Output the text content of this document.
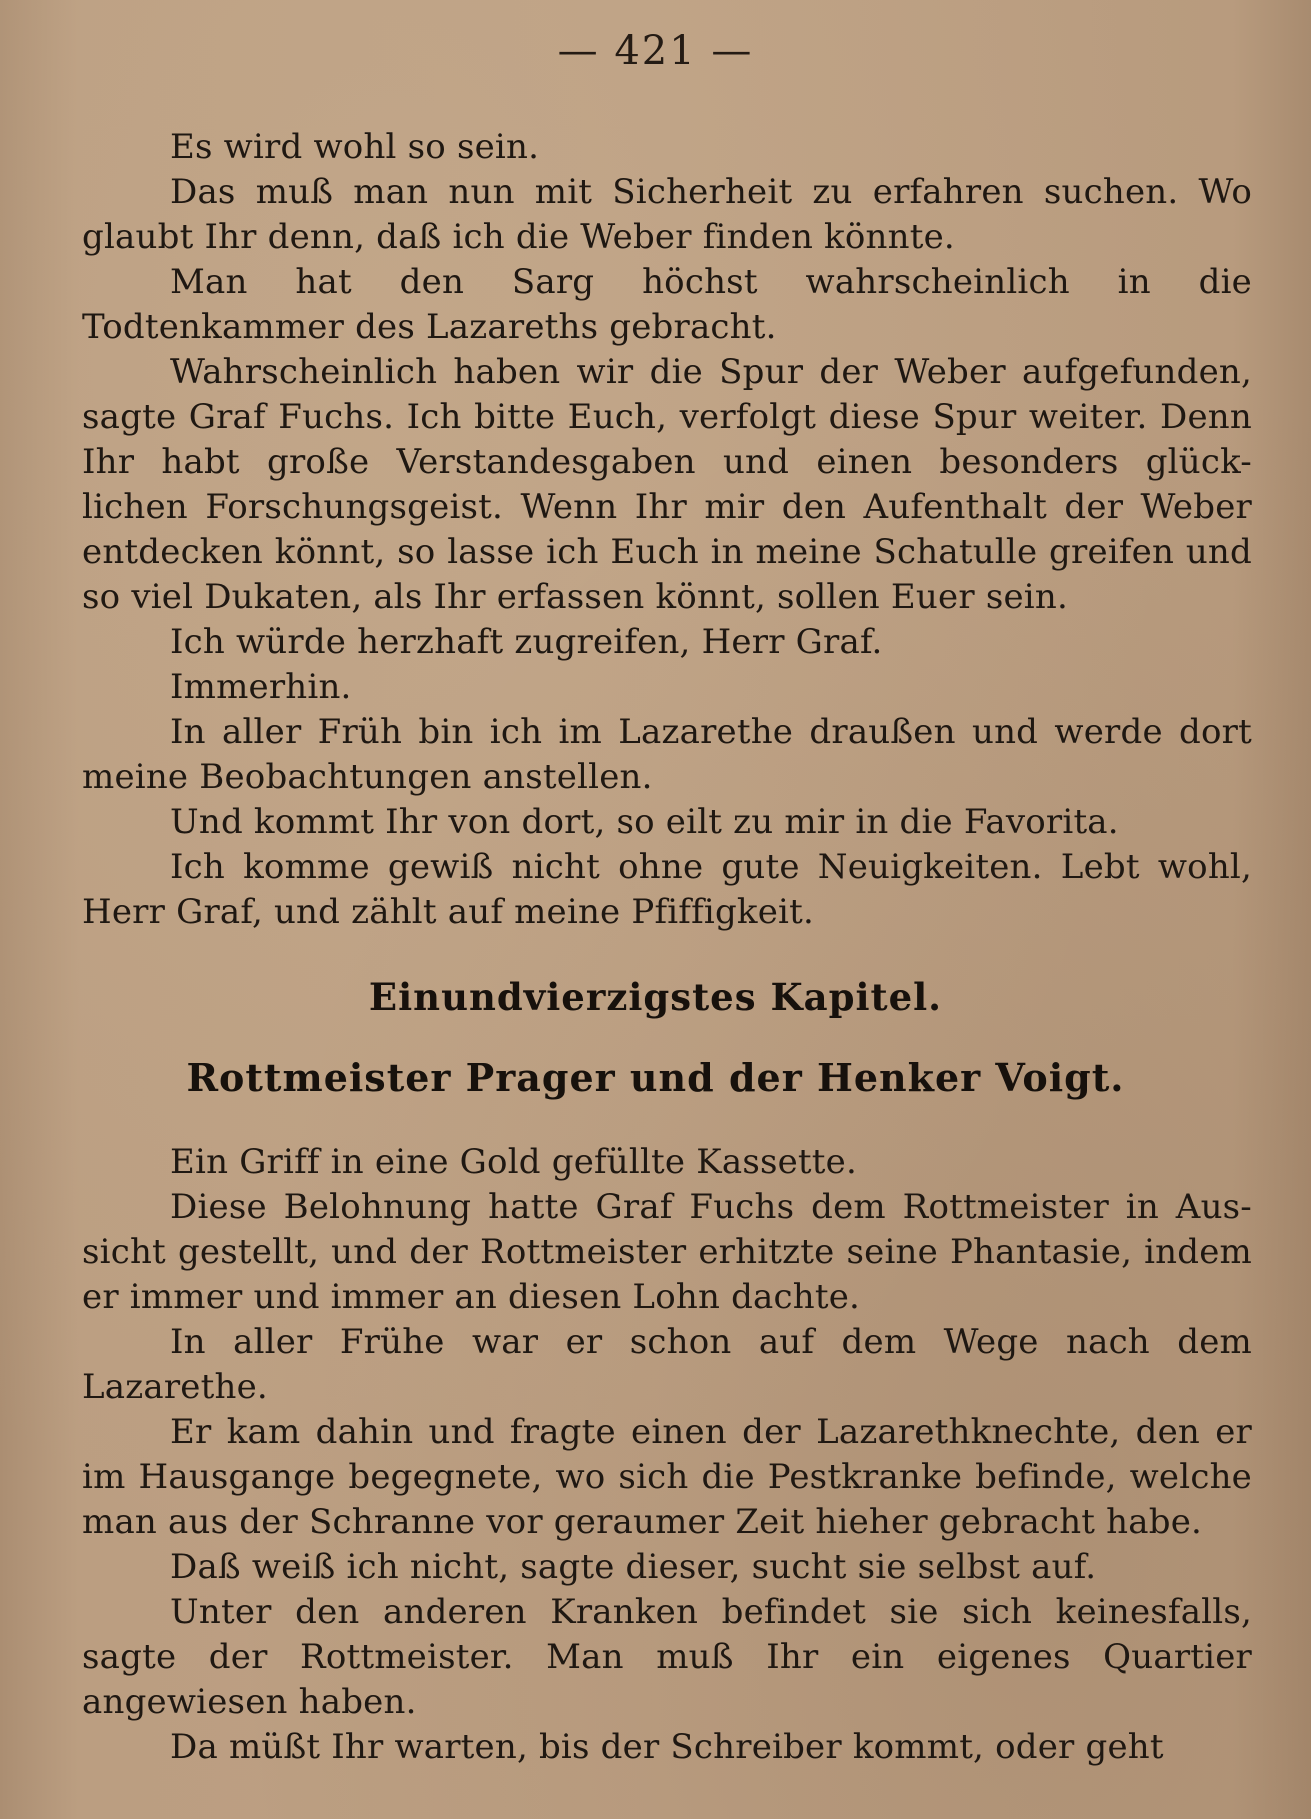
— 421 —

Es wird wohl so sein.

Das muß man nun mit Sicherheit zu erfahren suchen. Wo glaubt Ihr denn, daß ich die Weber finden könnte.

Man hat den Sarg höchst wahrscheinlich in die Todtenkammer des Lazareths gebracht.

Wahrscheinlich haben wir die Spur der Weber aufgefunden, sagte Graf Fuchs. Ich bitte Euch, verfolgt diese Spur weiter. Denn Ihr habt große Verstandesgaben und einen besonders glück- lichen Forschungsgeist. Wenn Ihr mir den Aufenthalt der Weber entdecken könnt, so lasse ich Euch in meine Schatulle greifen und so viel Dukaten, als Ihr erfassen könnt, sollen Euer sein.

Ich würde herzhaft zugreifen, Herr Graf.

Immerhin.

In aller Früh bin ich im Lazarethe draußen und werde dort meine Beobachtungen anstellen.

Und kommt Ihr von dort, so eilt zu mir in die Favorita.

Ich komme gewiß nicht ohne gute Neuigkeiten. Lebt wohl, Herr Graf, und zählt auf meine Pfiffigkeit.

Einundvierzigstes Kapitel.
Rottmeister Prager und der Henker Voigt.

Ein Griff in eine Gold gefüllte Kassette.

Diese Belohnung hatte Graf Fuchs dem Rottmeister in Aus- sicht gestellt, und der Rottmeister erhitzte seine Phantasie, indem er immer und immer an diesen Lohn dachte.

In aller Frühe war er schon auf dem Wege nach dem Lazarethe.

Er kam dahin und fragte einen der Lazarethknechte, den er im Hausgange begegnete, wo sich die Pestkranke befinde, welche man aus der Schranne vor geraumer Zeit hieher gebracht habe.

Daß weiß ich nicht, sagte dieser, sucht sie selbst auf.

Unter den anderen Kranken befindet sie sich keinesfalls, sagte der Rottmeister. Man muß Ihr ein eigenes Quartier angewiesen haben.

Da müßt Ihr warten, bis der Schreiber kommt, oder geht
